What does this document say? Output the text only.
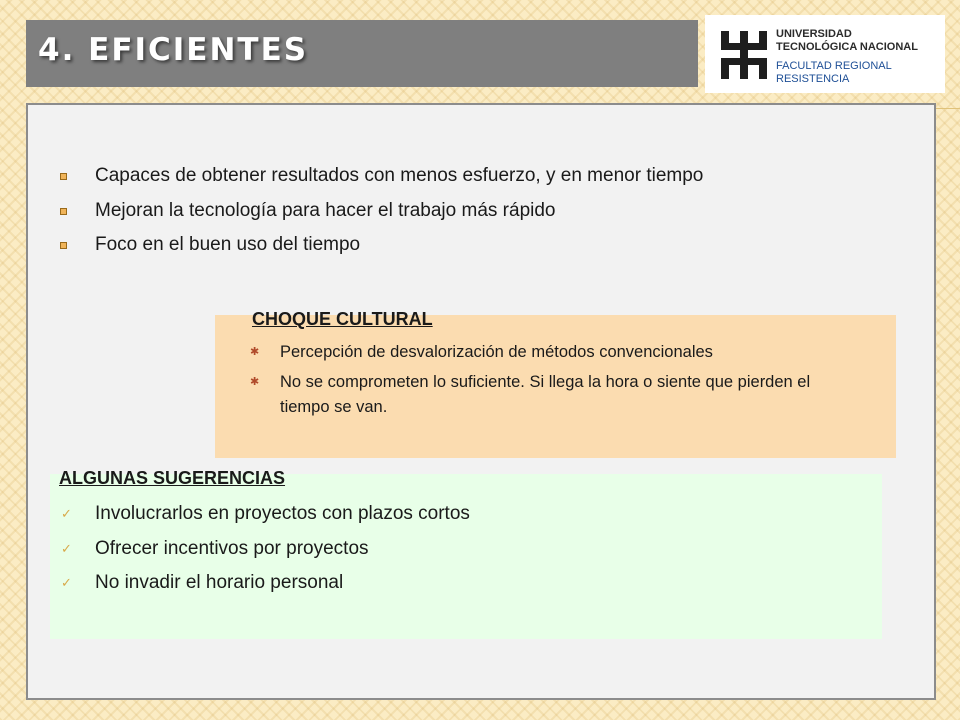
4. EFICIENTES	UNIVERSIDAD
TECNOLÓGICA NACIONAL
FACULTAD REGIONAL
RESISTENCIA
Capaces de obtener resultados con menos esfuerzo, y en menor tiempo
Mejoran la tecnología para hacer el trabajo más rápido
Foco en el buen uso del tiempo
CHOQUE CULTURAL
✱ Percepción de desvalorización de métodos convencionales
✱ No se comprometen lo suficiente. Si llega la hora o siente que pierden el tiempo se van.
ALGUNAS SUGERENCIAS
✓ Involucrarlos en proyectos con plazos cortos
✓ Ofrecer incentivos por proyectos
✓ No invadir el horario personal
